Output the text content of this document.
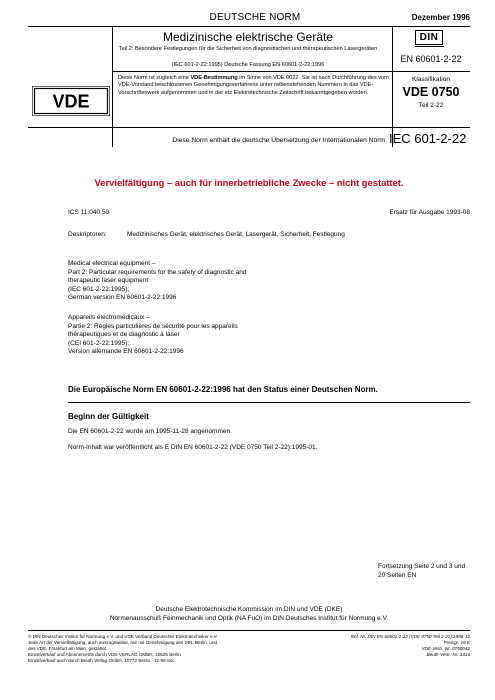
DEUTSCHE NORM	Dezember 1996
Medizinische elektrische Geräte
Teil 2: Besondere Festlegungen für die Sicherheit von diagnostischen und therapeutischen Lasergeräten
(IEC 601-2-22:1995) Deutsche Fassung EN 60601-2-22:1996
DIN
EN 60601-2-22
VDE
Diese Norm ist zugleich eine VDE-Bestimmung im Sinne von VDE 0022. Sie ist nach Durchführung des vom VDE-Vorstand beschlossenen Genehmigungsverfahrens unter nebenstehenden Nummern in das VDE-Vorschriftenwerk aufgenommen und in der etz Elektrotechnische Zeitschrift bekanntgegeben worden.
Klassifikation
VDE 0750
Teil 2-22
Diese Norm enthält die deutsche Übersetzung der Internationalen Norm IEC 601-2-22
Vervielfältigung – auch für innerbetriebliche Zwecke – nicht gestattet.
ICS 11.040.50	Ersatz für Ausgabe 1993-08
Deskriptoren:	Medizinisches Gerät, elektrisches Gerät, Lasergerät, Sicherheit, Festlegung
Medical electrical equipment –
Part 2: Particular requirements for the safety of diagnostic and
therapeutic laser equipment
(IEC 601-2-22:1995);
German version EN 60601-2-22:1996
Appareils électromédicaux –
Partie 2: Règles particulières de sécurité pour les appareils
thérapeutiques et de diagnostic à laser
(CEI 601-2-22:1995);
Version allemande EN 60601-2-22:1996
Die Europäische Norm EN 60601-2-22:1996 hat den Status einer Deutschen Norm.
Beginn der Gültigkeit
Die EN 60601-2-22 wurde am 1995-11-28 angenommen.
Norm-Inhalt war veröffentlicht als E DIN EN 60601-2-22 (VDE 0750 Teil 2-22):1995-01.
Fortsetzung Seite 2 und 3 und
20 Seiten EN
Deutsche Elektrotechnische Kommission im DIN und VDE (DKE)
Normenausschuß Feinmechanik und Optik (NA FuO) im DIN Deutsches Institut für Normung e.V.
© DIN Deutsches Institut für Normung e.V. und VDE Verband Deutscher Elektrotechniker e.V.
Jede Art der Vervielfältigung, auch auszugsweise, nur mit Genehmigung des DIN, Berlin, und
des VDE, Frankfurt am Main, gestattet.
Einzelverkauf und Abonnements durch VDE-VERLAG GMBH, 10625 Berlin
Einzelverkauf auch durch Beuth Verlag GmbH, 10772 Berlin · 12.96 vSc
Ref. Nr. DIN EN 60601-2-22 (VDE 0750 Teil 2-22):1996-12
Preisgr. 16 K
VDE-Vertr.-Nr. 0750042
Beuth-Vertr.-Nr. 3316
